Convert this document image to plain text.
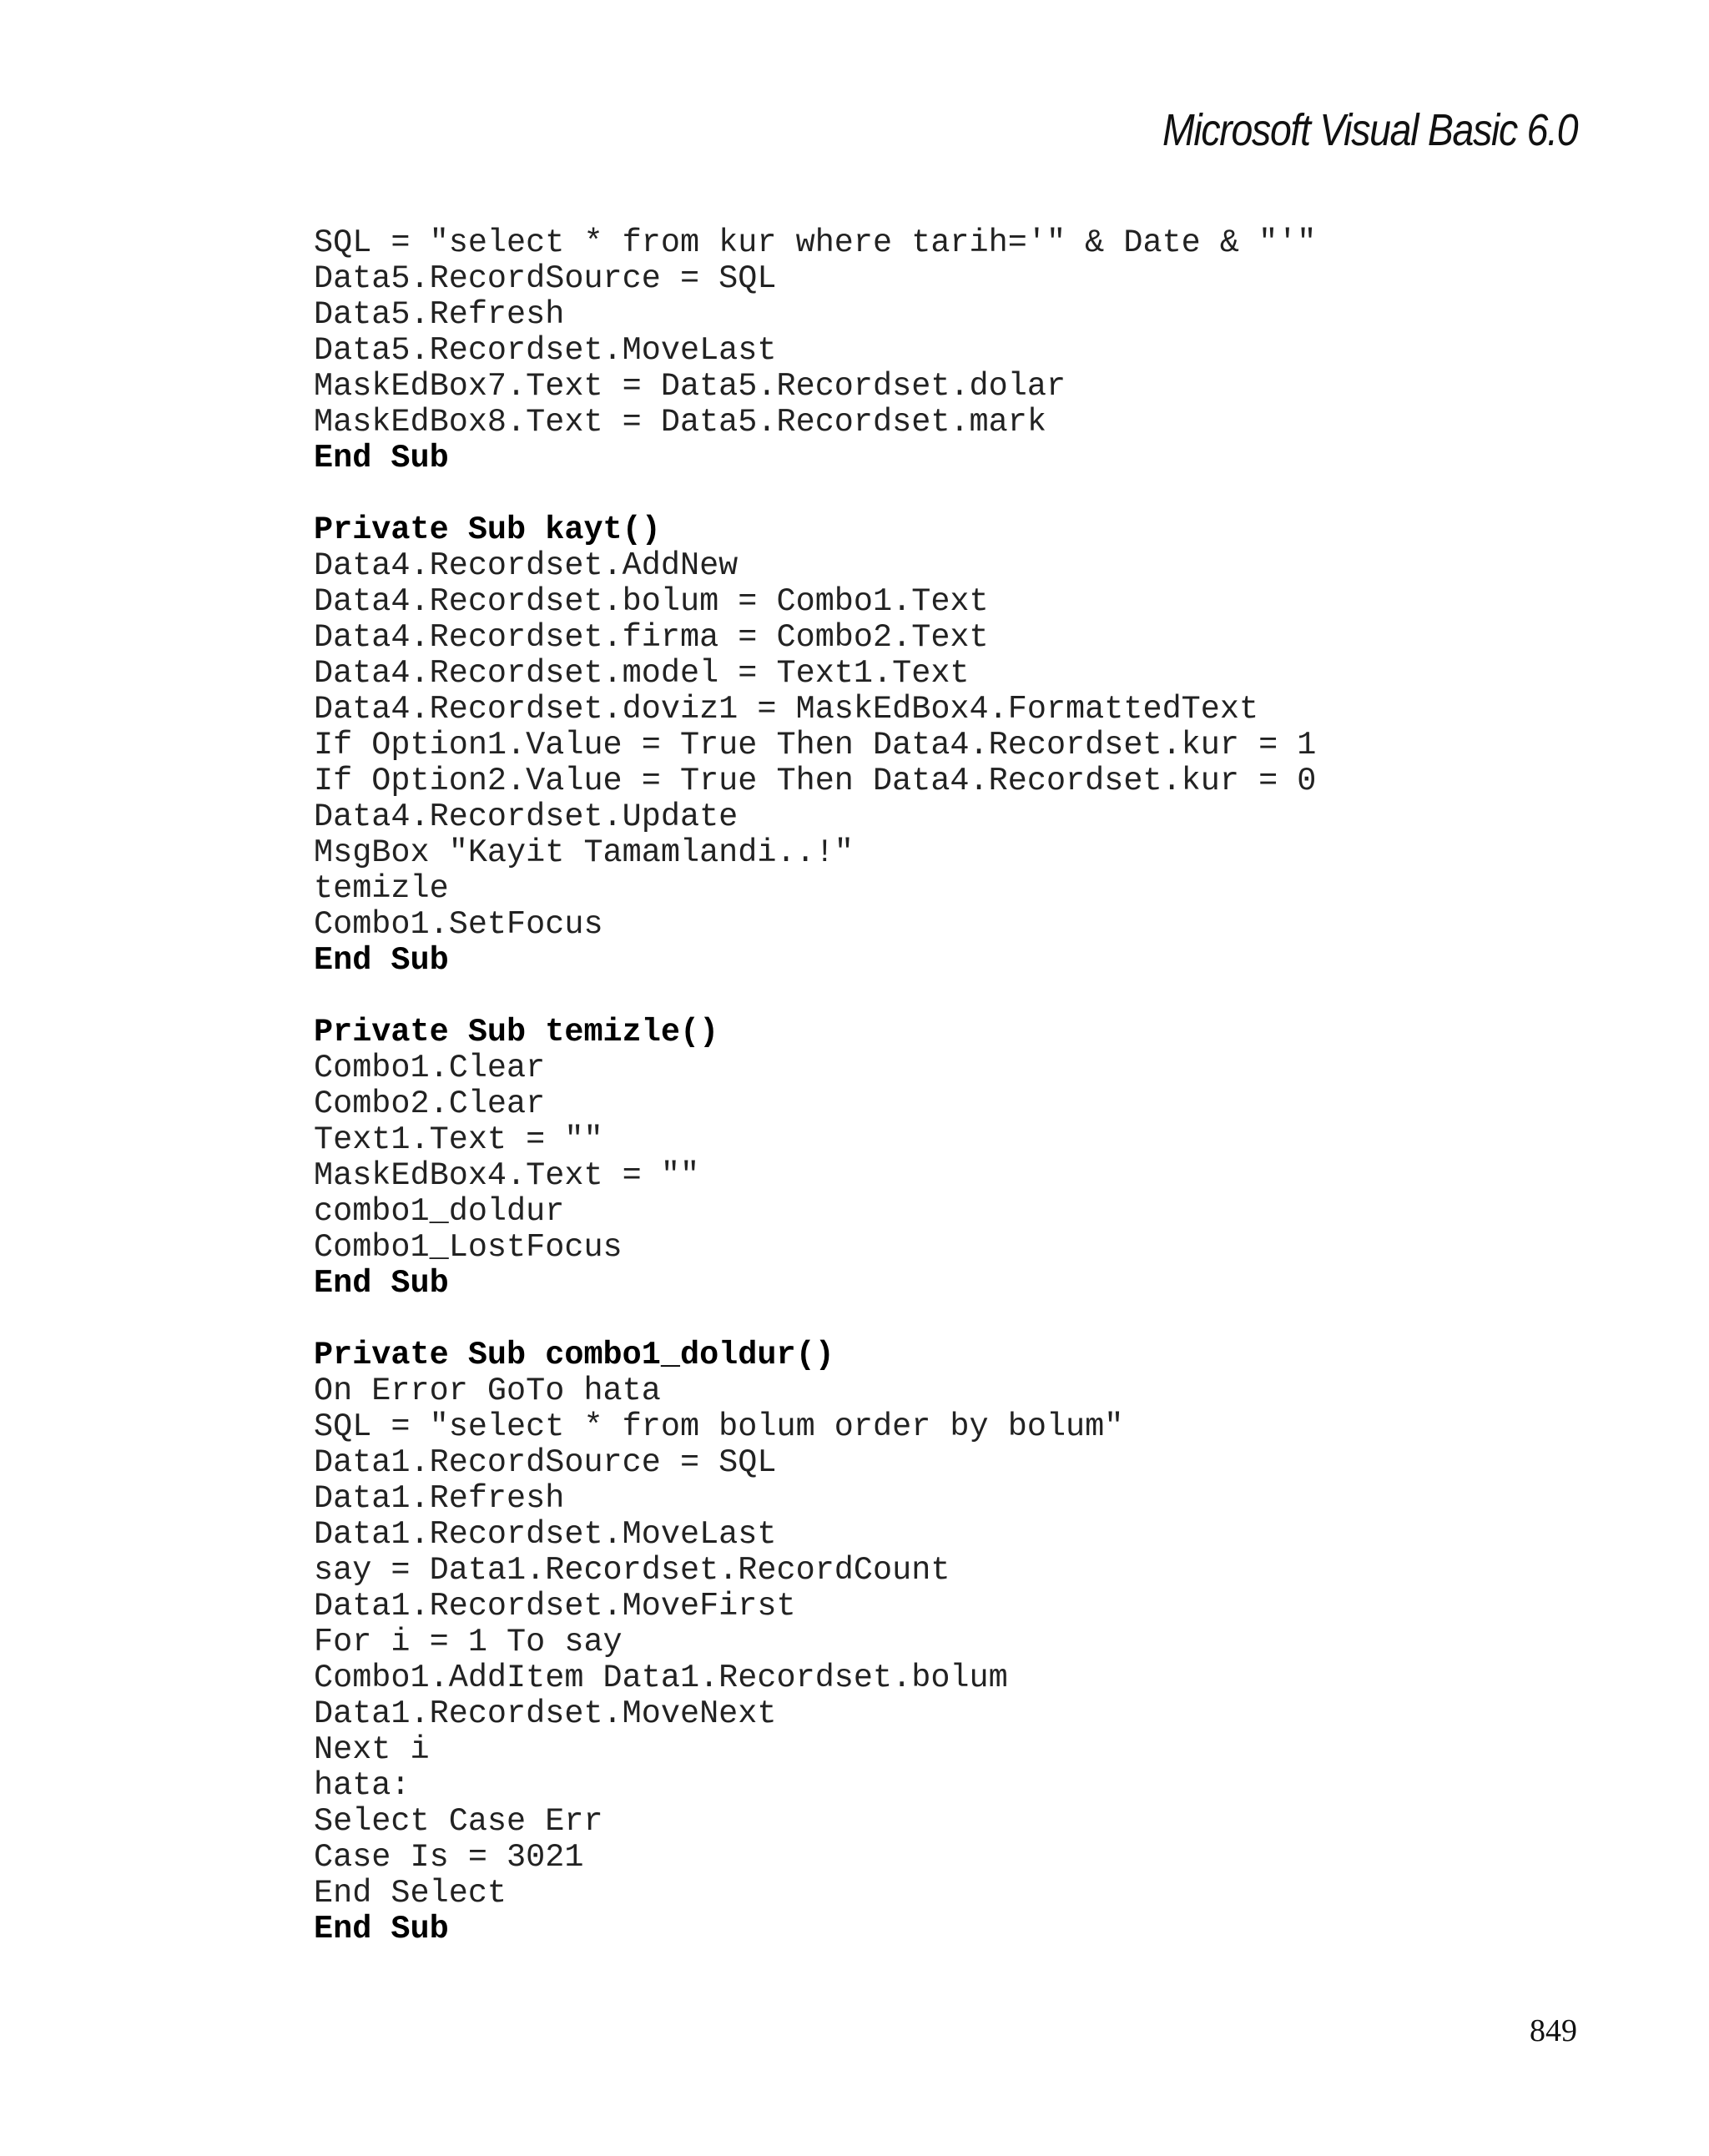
Microsoft Visual Basic 6.0
SQL = "select * from kur where tarih='" & Date & "'"
Data5.RecordSource = SQL
Data5.Refresh
Data5.Recordset.MoveLast
MaskEdBox7.Text = Data5.Recordset.dolar
MaskEdBox8.Text = Data5.Recordset.mark
End Sub
Private Sub kayt()
Data4.Recordset.AddNew
Data4.Recordset.bolum = Combo1.Text
Data4.Recordset.firma = Combo2.Text
Data4.Recordset.model = Text1.Text
Data4.Recordset.doviz1 = MaskEdBox4.FormattedText
If Option1.Value = True Then Data4.Recordset.kur = 1
If Option2.Value = True Then Data4.Recordset.kur = 0
Data4.Recordset.Update
MsgBox "Kayit Tamamlandi..!"
temizle
Combo1.SetFocus
End Sub
Private Sub temizle()
Combo1.Clear
Combo2.Clear
Text1.Text = ""
MaskEdBox4.Text = ""
combo1_doldur
Combo1_LostFocus
End Sub
Private Sub combo1_doldur()
On Error GoTo hata
SQL = "select * from bolum order by bolum"
Data1.RecordSource = SQL
Data1.Refresh
Data1.Recordset.MoveLast
say = Data1.Recordset.RecordCount
Data1.Recordset.MoveFirst
For i = 1 To say
Combo1.AddItem Data1.Recordset.bolum
Data1.Recordset.MoveNext
Next i
hata:
Select Case Err
Case Is = 3021
End Select
End Sub
849
